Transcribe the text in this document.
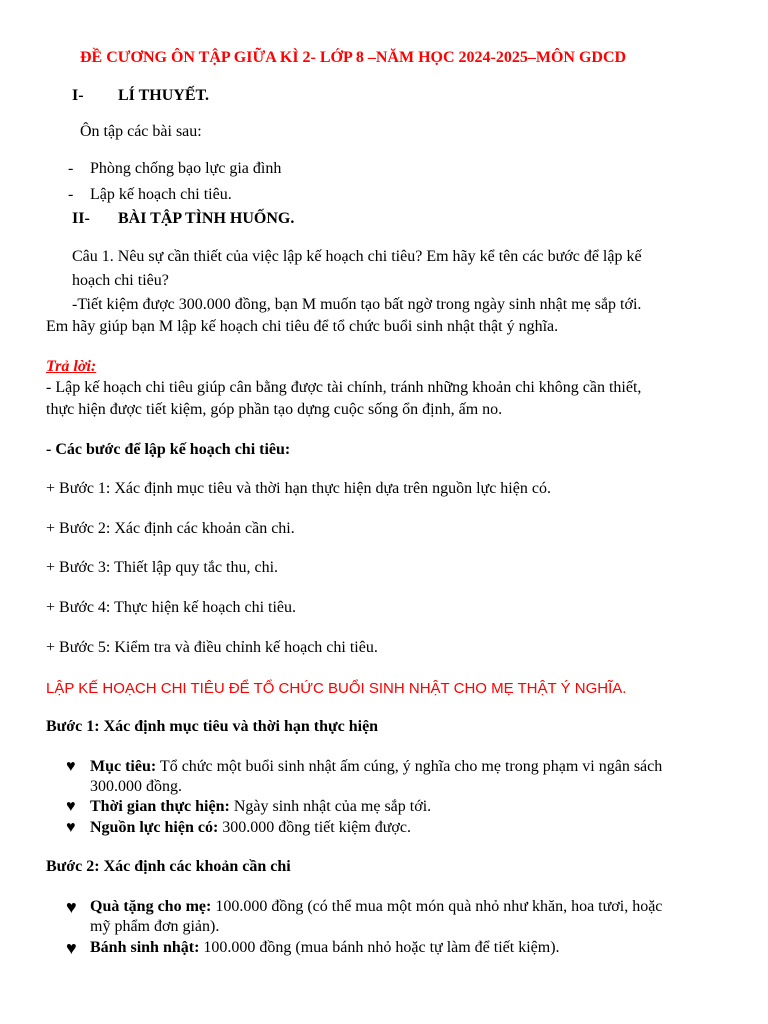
ĐỀ CƯƠNG ÔN TẬP GIỮA KÌ 2- LỚP 8 –NĂM HỌC 2024-2025–MÔN GDCD
I- LÍ THUYẾT.
Ôn tập các bài sau:
- Phòng chống bạo lực gia đình
- Lập kế hoạch chi tiêu.
II- BÀI TẬP TÌNH HUỐNG.
Câu 1. Nêu sự cần thiết của việc lập kế hoạch chi tiêu? Em hãy kể tên các bước để lập kế
hoạch chi tiêu?
-Tiết kiệm được 300.000 đồng, bạn M muốn tạo bất ngờ trong ngày sinh nhật mẹ sắp tới.
Em hãy giúp bạn M lập kế hoạch chi tiêu để tổ chức buổi sinh nhật thật ý nghĩa.
Trả lời:
- Lập kế hoạch chi tiêu giúp cân bằng được tài chính, tránh những khoản chi không cần thiết,
thực hiện được tiết kiệm, góp phần tạo dựng cuộc sống ổn định, ấm no.
- Các bước để lập kế hoạch chi tiêu:
+ Bước 1: Xác định mục tiêu và thời hạn thực hiện dựa trên nguồn lực hiện có.
+ Bước 2: Xác định các khoản cần chi.
+ Bước 3: Thiết lập quy tắc thu, chi.
+ Bước 4: Thực hiện kế hoạch chi tiêu.
+ Bước 5: Kiểm tra và điều chỉnh kế hoạch chi tiêu.
LẬP KẾ HOẠCH CHI TIÊU ĐỂ TỔ CHỨC BUỔI SINH NHẬT CHO MẸ THẬT Ý NGHĨA.
Bước 1: Xác định mục tiêu và thời hạn thực hiện
♥ Mục tiêu: Tổ chức một buổi sinh nhật ấm cúng, ý nghĩa cho mẹ trong phạm vi ngân sách
300.000 đồng.
♥ Thời gian thực hiện: Ngày sinh nhật của mẹ sắp tới.
♥ Nguồn lực hiện có: 300.000 đồng tiết kiệm được.
Bước 2: Xác định các khoản cần chi
♥ Quà tặng cho mẹ: 100.000 đồng (có thể mua một món quà nhỏ như khăn, hoa tươi, hoặc
mỹ phẩm đơn giản).
♥ Bánh sinh nhật: 100.000 đồng (mua bánh nhỏ hoặc tự làm để tiết kiệm).
